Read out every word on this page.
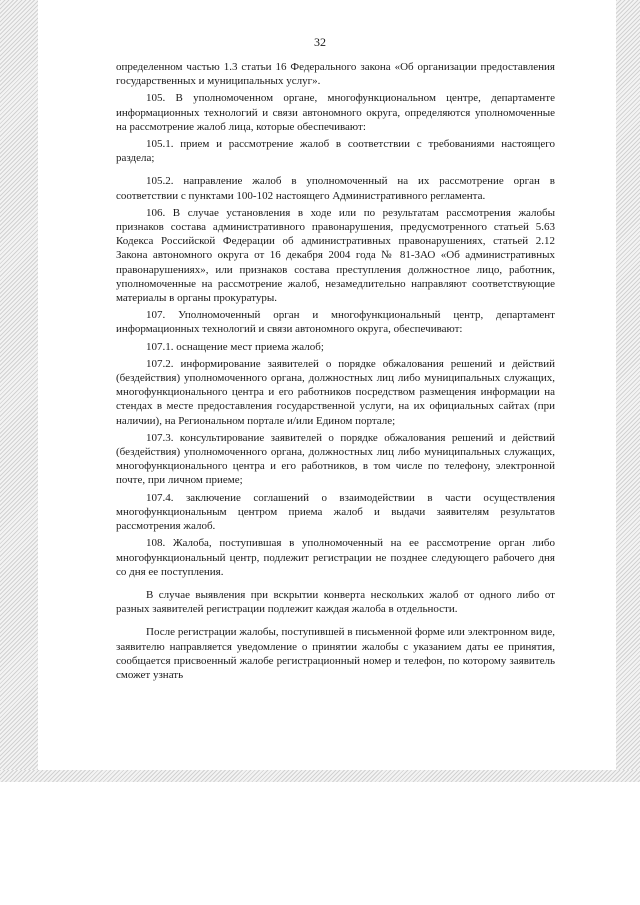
32

определенном частью 1.3 статьи 16 Федерального закона «Об организации предоставления государственных и муниципальных услуг».

105. В уполномоченном органе, многофункциональном центре, департаменте информационных технологий и связи автономного округа, определяются уполномоченные на рассмотрение жалоб лица, которые обеспечивают:

105.1. прием и рассмотрение жалоб в соответствии с требованиями настоящего раздела;

105.2. направление жалоб в уполномоченный на их рассмотрение орган в соответствии с пунктами 100-102 настоящего Административного регламента.

106. В случае установления в ходе или по результатам рассмотрения жалобы признаков состава административного правонарушения, предусмотренного статьей 5.63 Кодекса Российской Федерации об административных правонарушениях, статьей 2.12 Закона автономного округа от 16 декабря 2004 года № 81-ЗАО «Об административных правонарушениях», или признаков состава преступления должностное лицо, работник, уполномоченные на рассмотрение жалоб, незамедлительно направляют соответствующие материалы в органы прокуратуры.

107. Уполномоченный орган и многофункциональный центр, департамент информационных технологий и связи автономного округа, обеспечивают:

107.1. оснащение мест приема жалоб;

107.2. информирование заявителей о порядке обжалования решений и действий (бездействия) уполномоченного органа, должностных лиц либо муниципальных служащих, многофункционального центра и его работников посредством размещения информации на стендах в месте предоставления государственной услуги, на их официальных сайтах (при наличии), на Региональном портале и/или Едином портале;

107.3. консультирование заявителей о порядке обжалования решений и действий (бездействия) уполномоченного органа, должностных лиц либо муниципальных служащих, многофункционального центра и его работников, в том числе по телефону, электронной почте, при личном приеме;

107.4. заключение соглашений о взаимодействии в части осуществления многофункциональным центром приема жалоб и выдачи заявителям результатов рассмотрения жалоб.

108. Жалоба, поступившая в уполномоченный на ее рассмотрение орган либо многофункциональный центр, подлежит регистрации не позднее следующего рабочего дня со дня ее поступления.

В случае выявления при вскрытии конверта нескольких жалоб от одного либо от разных заявителей регистрации подлежит каждая жалоба в отдельности.

После регистрации жалобы, поступившей в письменной форме или электронном виде, заявителю направляется уведомление о принятии жалобы с указанием даты ее принятия, сообщается присвоенный жалобе регистрационный номер и телефон, по которому заявитель сможет узнать
